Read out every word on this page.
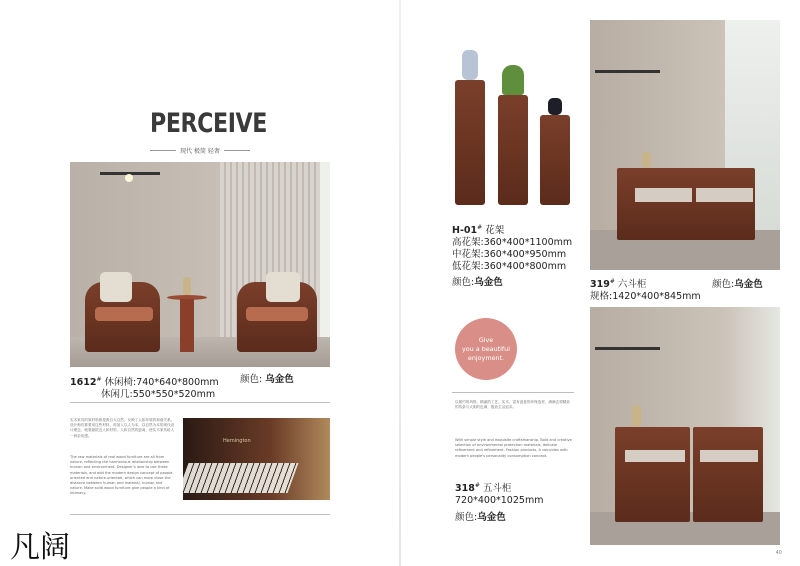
PERCEIVE
现代 极简 轻奢
1612# 休闲椅:740*640*800mm
休闲几:550*550*520mm
颜色: 乌金色
实木家具的原材料都是源自大自然，反映了人和环境的和谐关系。设计师们都要用这些材料，再加入以人为本，以自然为本的现代设计理念，就要最抵近人和材料，人和自然的距离，使实木家具给人一种亲切感。
The raw materials of real wood furniture are all from nature, reflecting the harmonious relationship between human and environment. Designer's love to use these materials, and add the modern design concept of people-oriented and nature-oriented, which can more close the distance between human and material, human and nature. Make solid wood furniture give people a kind of intimacy.
Hemington
凡阔
H-01# 花架
高花架:360*400*1100mm
中花架:360*400*950mm
低花架:360*400*800mm
颜色:乌金色	319# 六斗柜
规格:1420*400*845mm
颜色:乌金色
Give
you a beautiful
enjoyment.
以简约的风格，精湛的工艺。实木，富有创意的环保选材，满满去掉精致的线条与大胆的色调，极致生活追求。
With simple style and exquisite craftsmanship, Bold and creative selection of environmental protection materials, delicate refinement and refinement. Fashion products, it coincides with modern people's personality consumption concept.
318# 五斗柜
720*400*1025mm
颜色:乌金色
40
